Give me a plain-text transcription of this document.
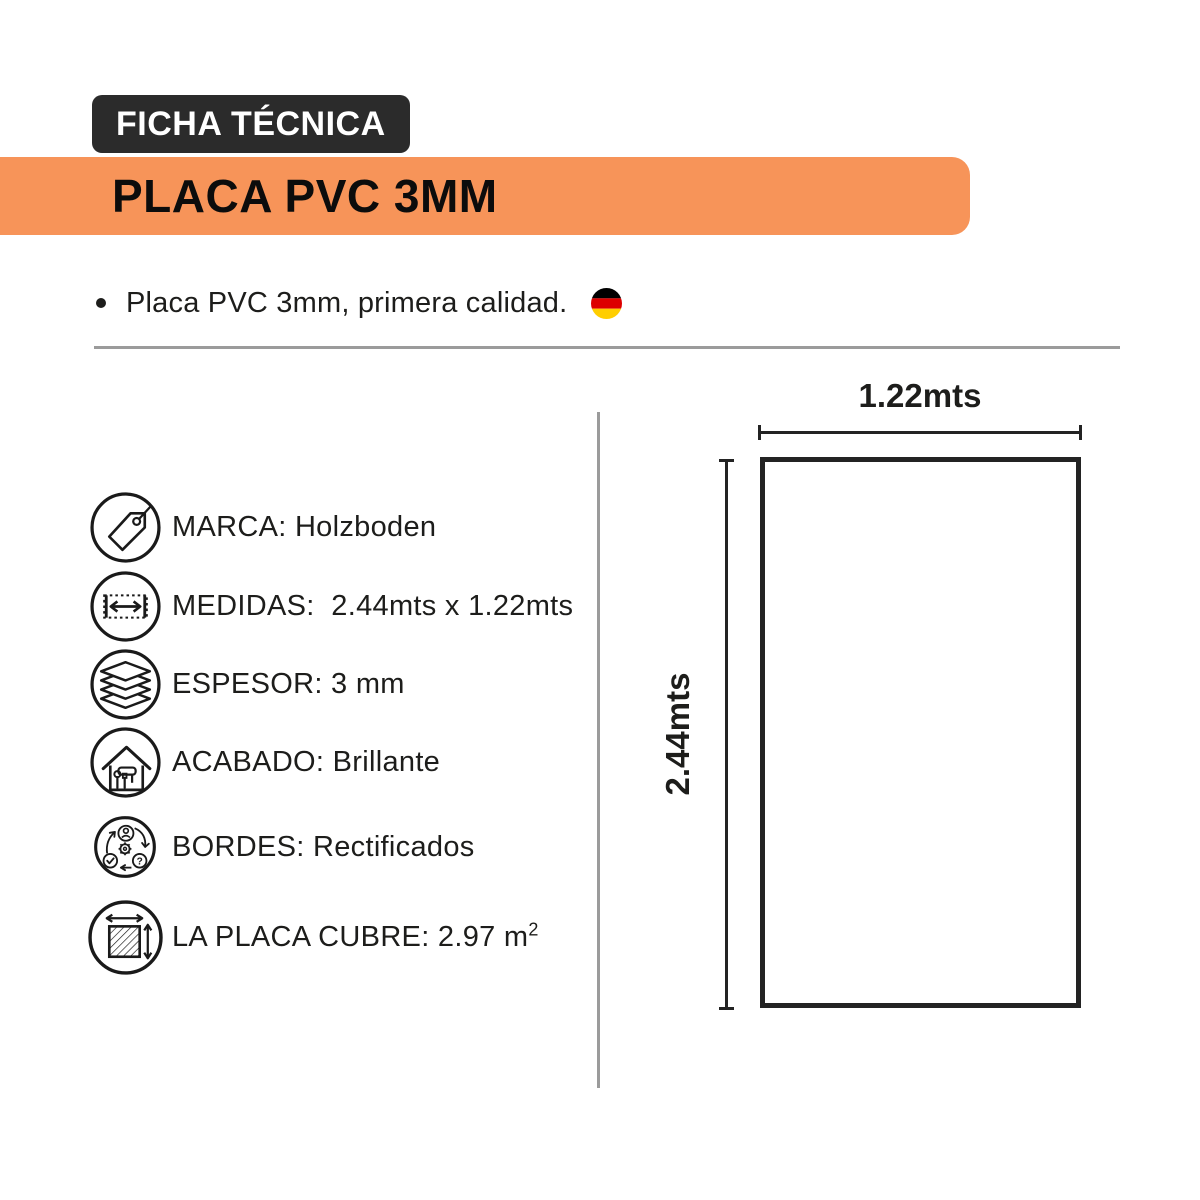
FICHA TÉCNICA
PLACA PVC 3MM
Placa PVC 3mm, primera calidad.
MARCA: Holzboden
MEDIDAS:  2.44mts x 1.22mts
ESPESOR: 3 mm
ACABADO: Brillante
? BORDES: Rectificados
LA PLACA CUBRE: 2.97 $m^2$
1.22mts
2.44mts
